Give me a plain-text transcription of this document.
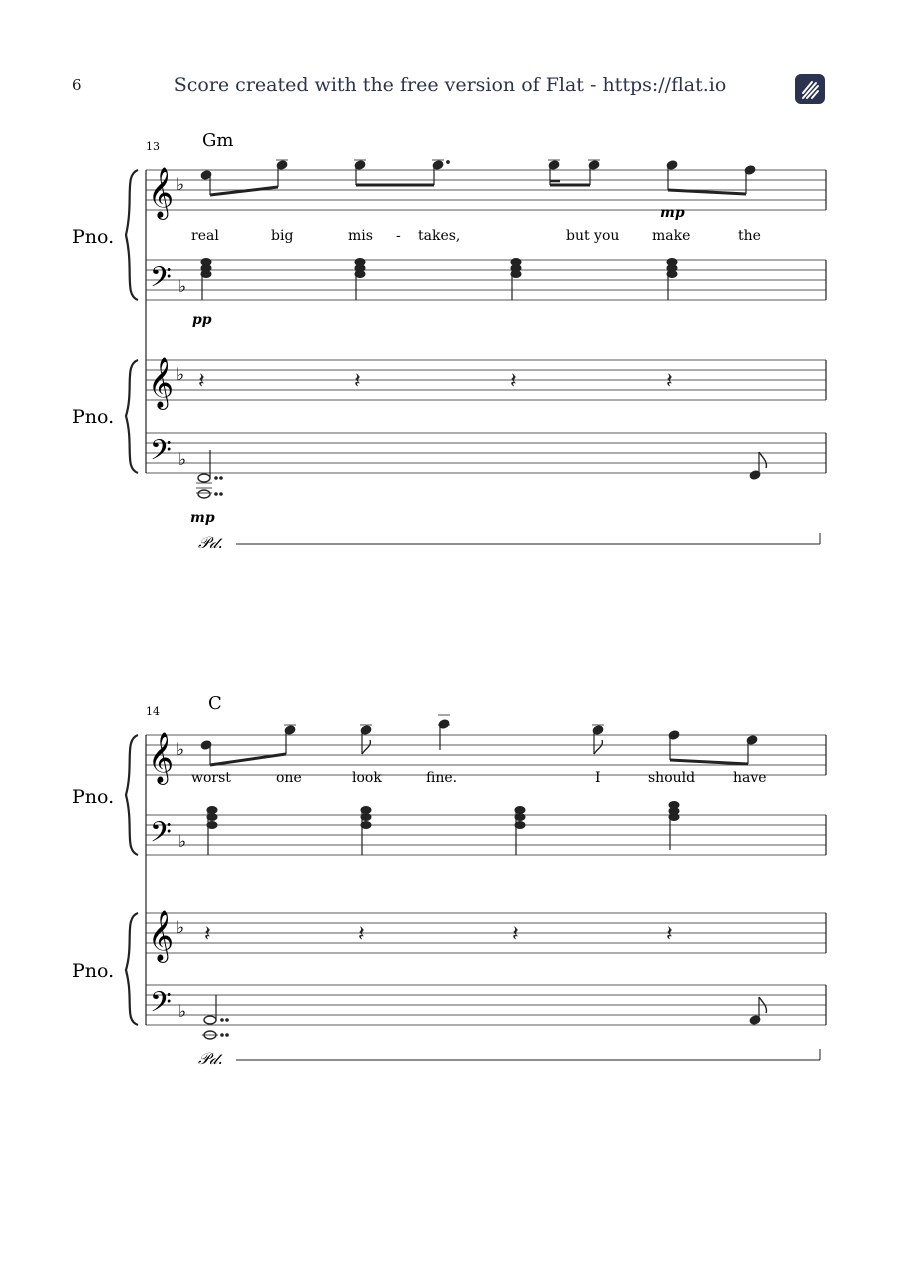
6	Score created with the free version of Flat - https://flat.io
13 Gm
Pno.
𝄞 ♭
mp
real	big	mis - takes,	but you make	the
𝄢 ♭
pp
Pno.
𝄞 ♭ 𝄽	𝄽	𝄽	𝄽
𝄢 ♭
mp
𝒫𝒹.
14	C
Pno.
𝄞 ♭
worst	one	look	fine.	I	should	have
𝄢 ♭
Pno.
𝄞 ♭ 𝄽	𝄽	𝄽	𝄽
𝄢 ♭
𝒫𝒹.
